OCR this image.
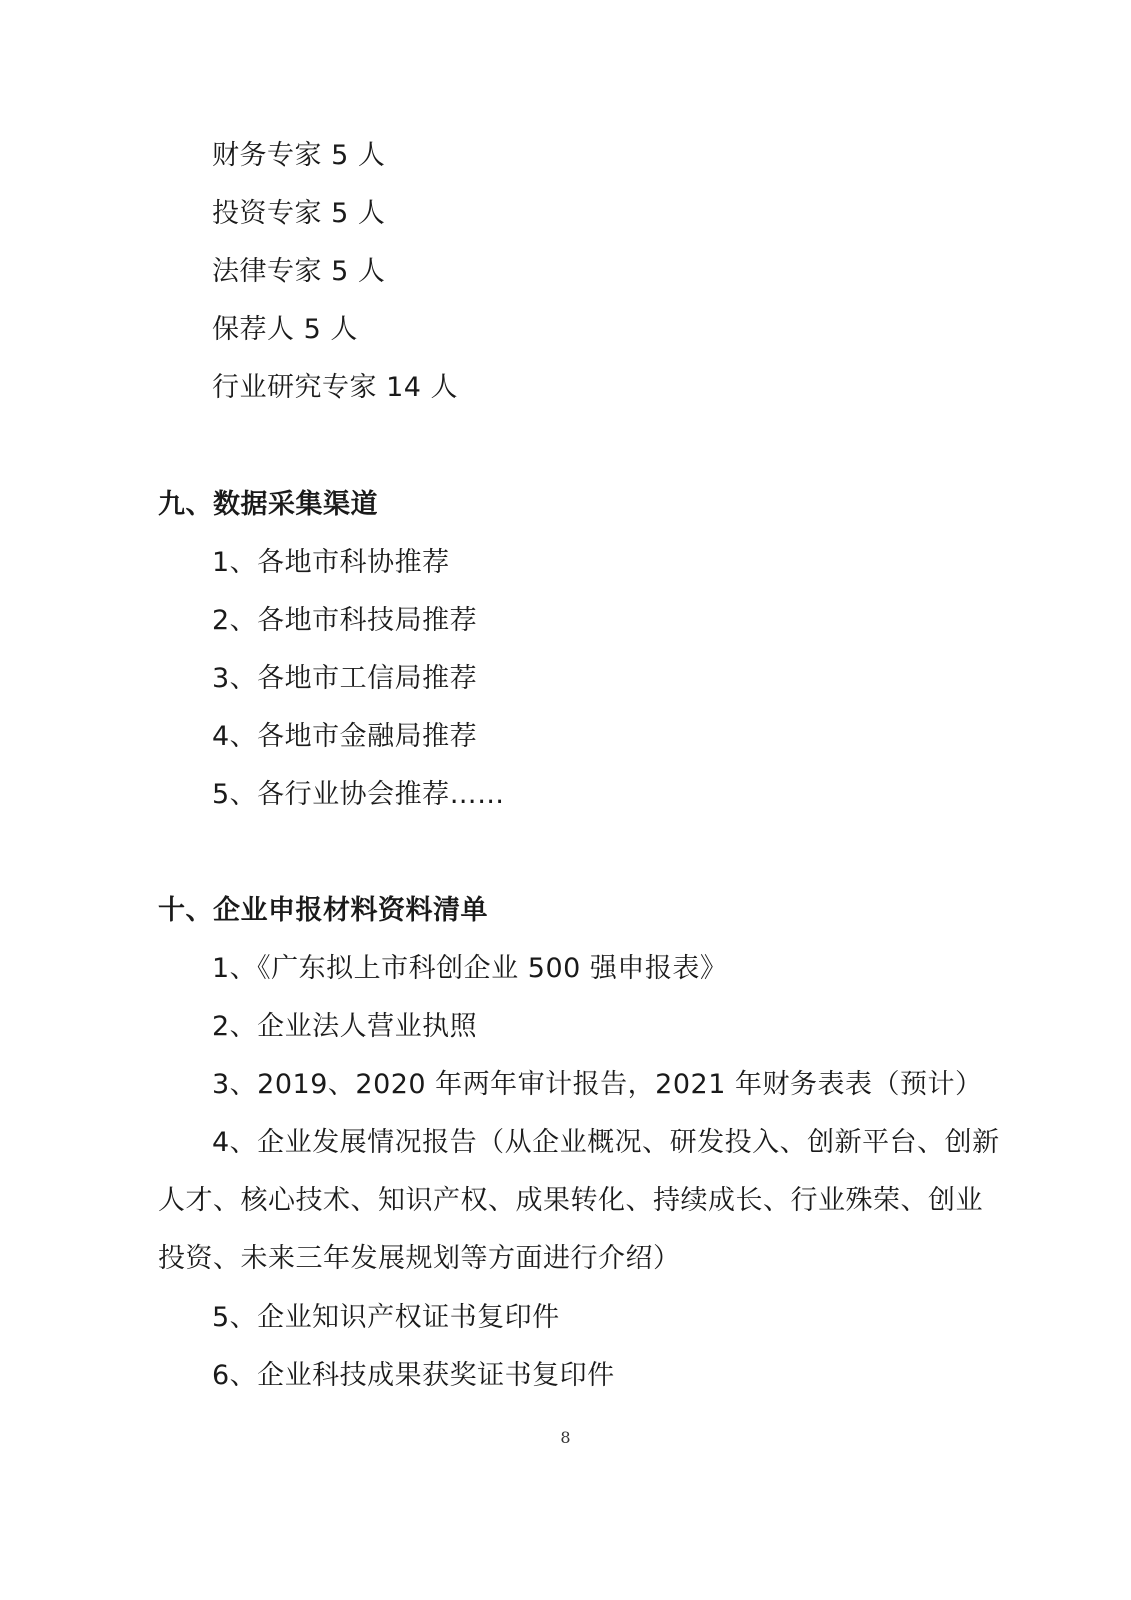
财务专家 5 人
投资专家 5 人
法律专家 5 人
保荐人 5 人
行业研究专家 14 人
九、数据采集渠道
1、各地市科协推荐
2、各地市科技局推荐
3、各地市工信局推荐
4、各地市金融局推荐
5、各行业协会推荐……
十、企业申报材料资料清单
1、《广东拟上市科创企业 500 强申报表》
2、企业法人营业执照
3、2019、2020 年两年审计报告，2021 年财务表表（预计）
4、企业发展情况报告（从企业概况、研发投入、创新平台、创新
人才、核心技术、知识产权、成果转化、持续成长、行业殊荣、创业
投资、未来三年发展规划等方面进行介绍）
5、企业知识产权证书复印件
6、企业科技成果获奖证书复印件
8
